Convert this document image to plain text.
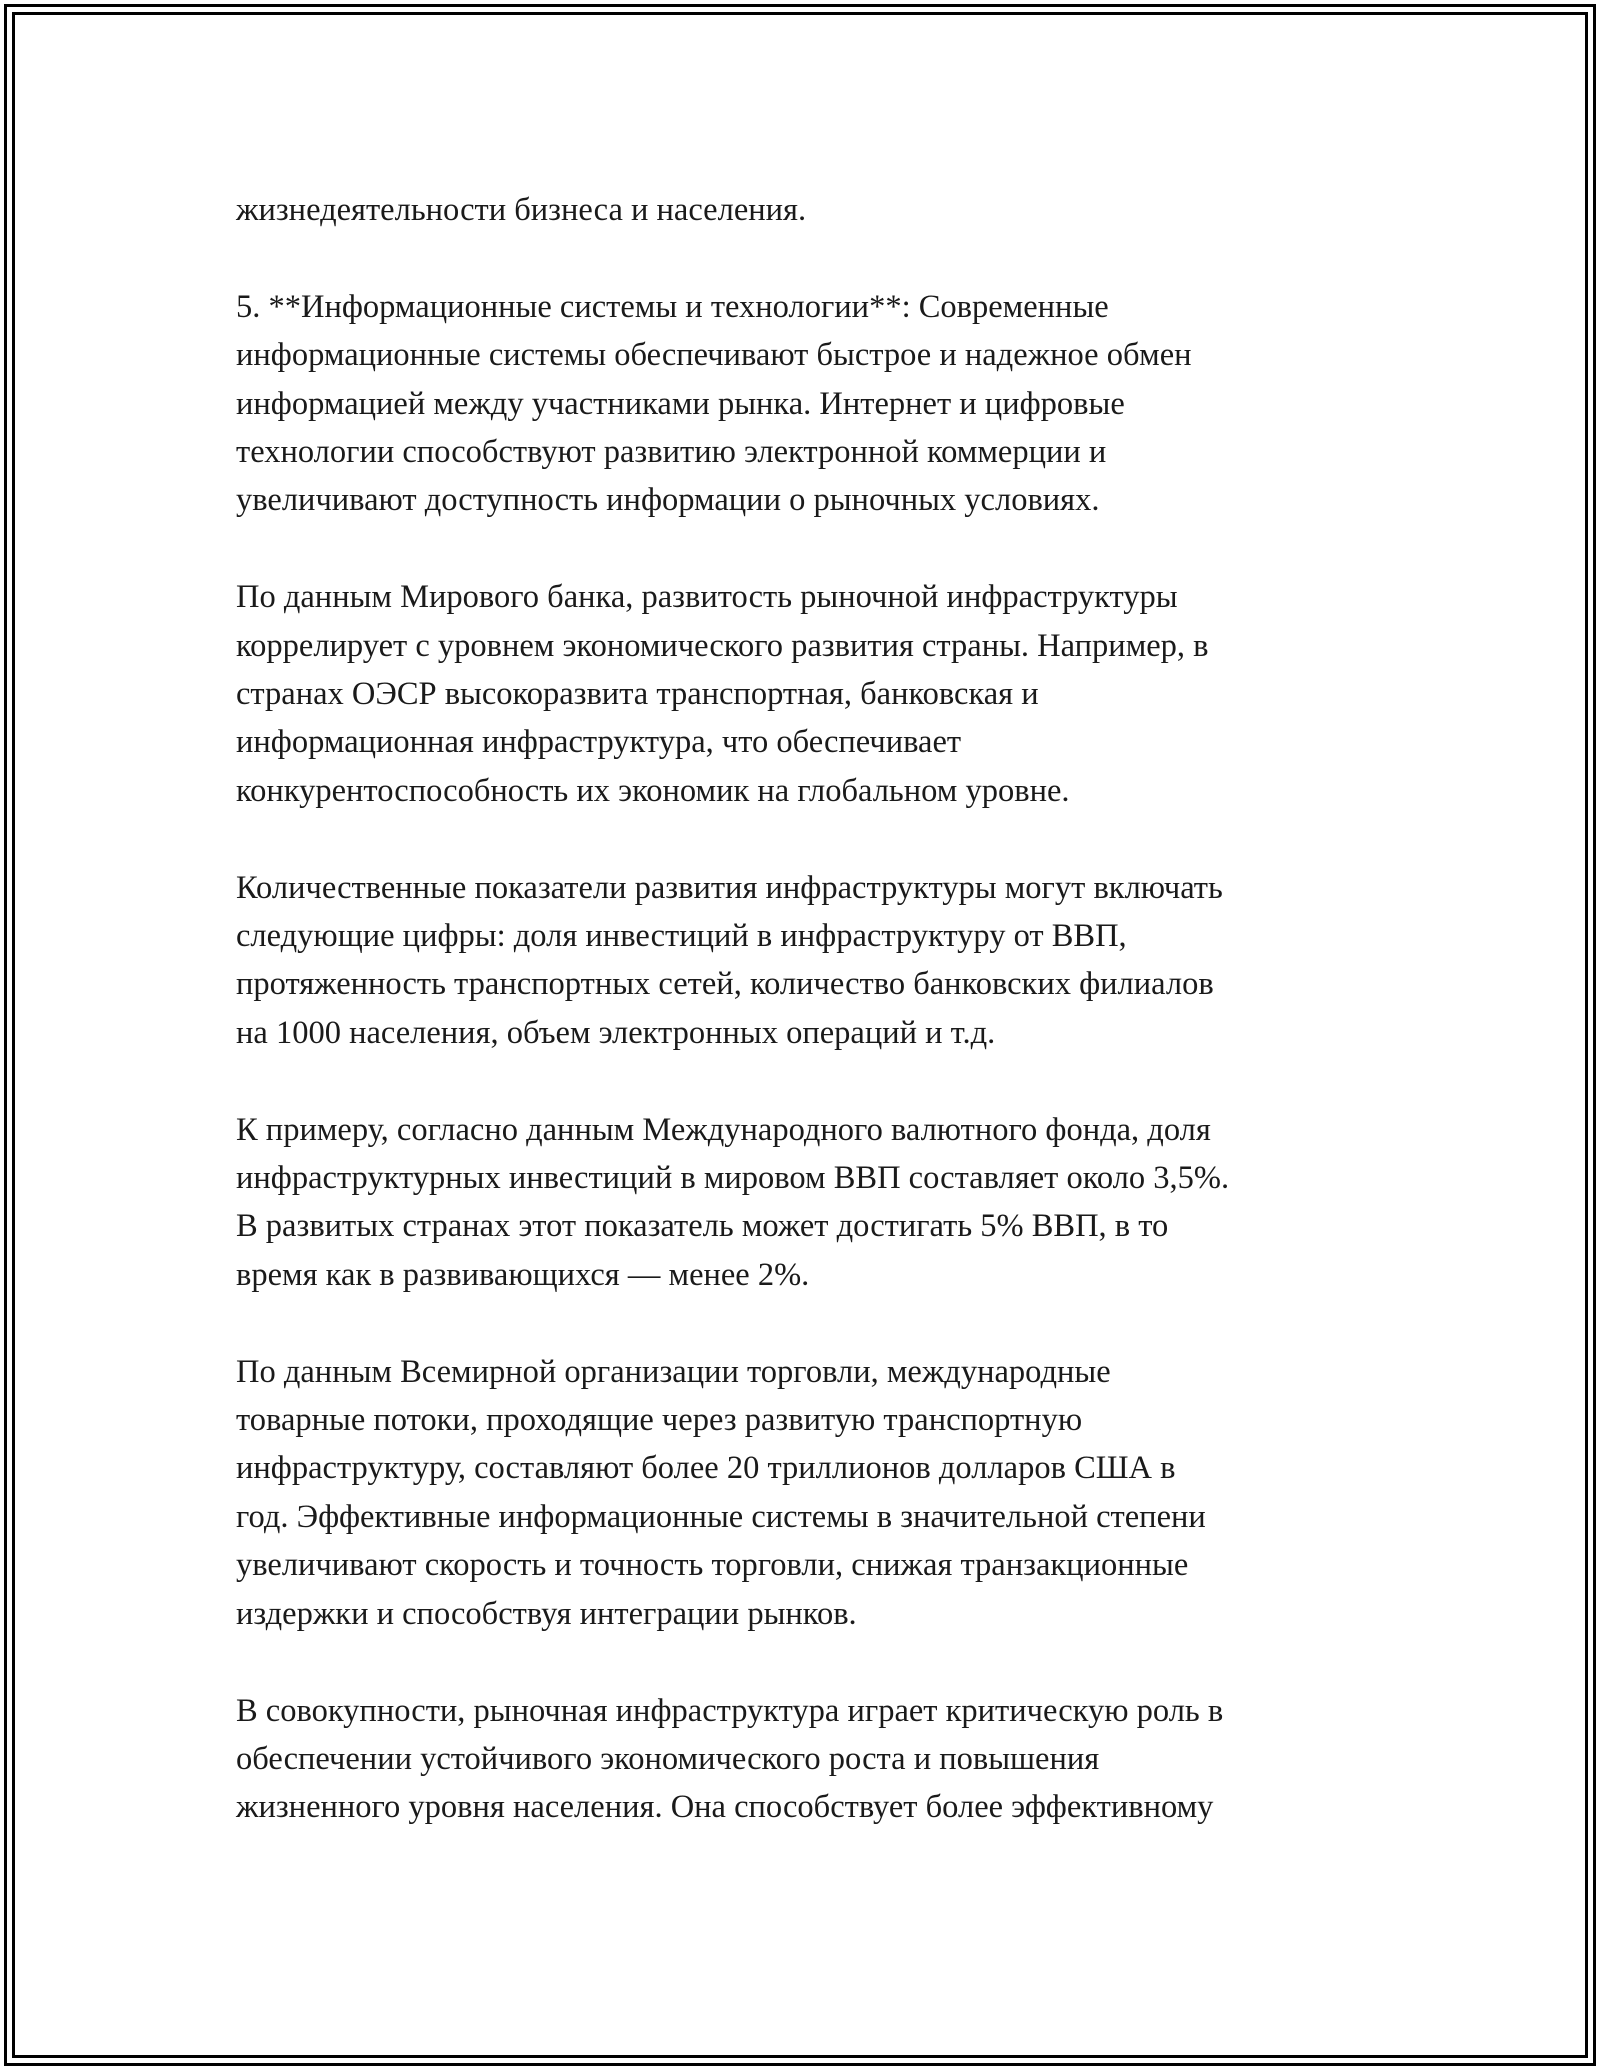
жизнедеятельности бизнеса и населения.

5. **Информационные системы и технологии**: Современные
информационные системы обеспечивают быстрое и надежное обмен
информацией между участниками рынка. Интернет и цифровые
технологии способствуют развитию электронной коммерции и
увеличивают доступность информации о рыночных условиях.

По данным Мирового банка, развитость рыночной инфраструктуры
коррелирует с уровнем экономического развития страны. Например, в
странах ОЭСР высокоразвита транспортная, банковская и
информационная инфраструктура, что обеспечивает
конкурентоспособность их экономик на глобальном уровне.

Количественные показатели развития инфраструктуры могут включать
следующие цифры: доля инвестиций в инфраструктуру от ВВП,
протяженность транспортных сетей, количество банковских филиалов
на 1000 населения, объем электронных операций и т.д.

К примеру, согласно данным Международного валютного фонда, доля
инфраструктурных инвестиций в мировом ВВП составляет около 3,5%.
В развитых странах этот показатель может достигать 5% ВВП, в то
время как в развивающихся — менее 2%.

По данным Всемирной организации торговли, международные
товарные потоки, проходящие через развитую транспортную
инфраструктуру, составляют более 20 триллионов долларов США в
год. Эффективные информационные системы в значительной степени
увеличивают скорость и точность торговли, снижая транзакционные
издержки и способствуя интеграции рынков.

В совокупности, рыночная инфраструктура играет критическую роль в
обеспечении устойчивого экономического роста и повышения
жизненного уровня населения. Она способствует более эффективному
